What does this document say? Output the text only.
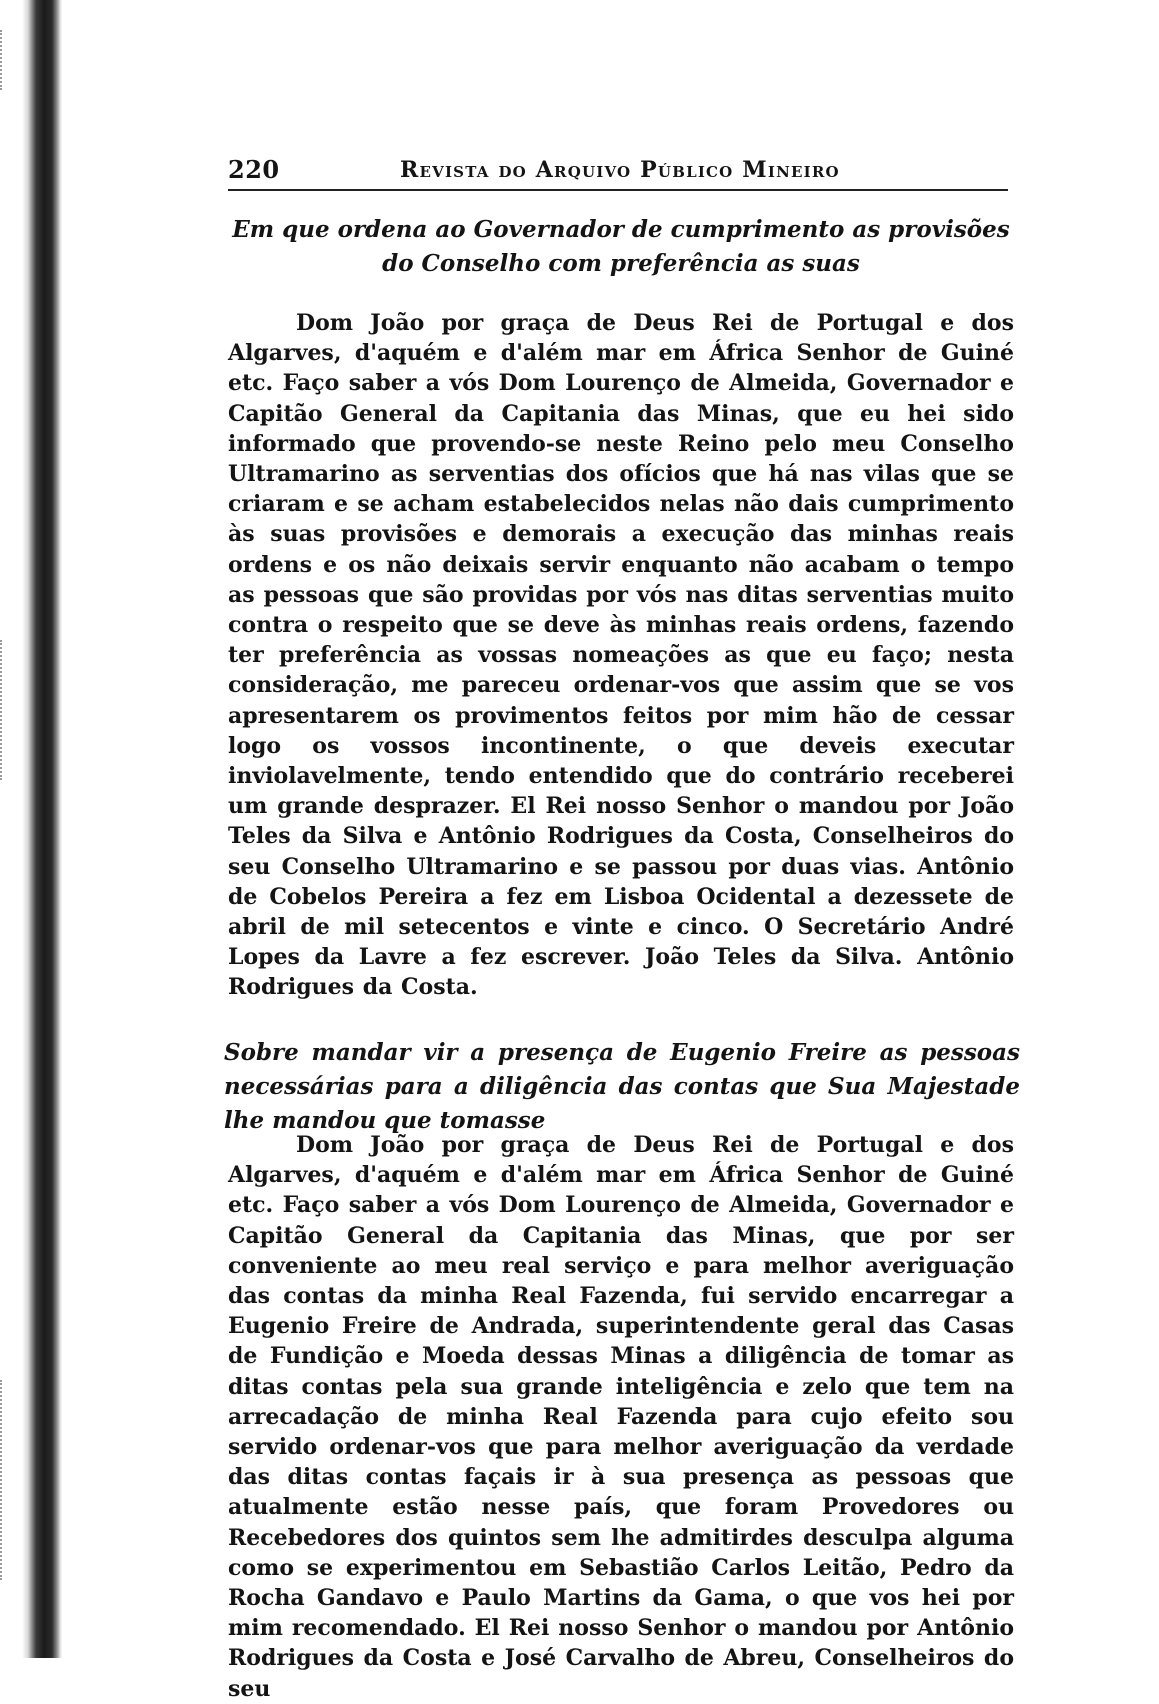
220	Revista do Arquivo Público Mineiro
Em que ordena ao Governador de cumprimento as provisões do Conselho com preferência as suas

Dom João por graça de Deus Rei de Portugal e dos Algarves, d'aquém e d'além mar em África Senhor de Guiné etc. Faço saber a vós Dom Lourenço de Almeida, Governador e Capitão General da Capitania das Minas, que eu hei sido informado que provendo-se neste Reino pelo meu Conselho Ultramarino as serventias dos ofícios que há nas vilas que se criaram e se acham estabelecidos nelas não dais cumprimento às suas provisões e demorais a execução das minhas reais ordens e os não deixais servir enquanto não acabam o tempo as pessoas que são providas por vós nas ditas serventias muito contra o respeito que se deve às minhas reais ordens, fazendo ter preferência as vossas nomeações as que eu faço; nesta consideração, me pareceu ordenar-vos que assim que se vos apresentarem os provimentos feitos por mim hão de cessar logo os vossos incontinente, o que deveis executar inviolavelmente, tendo entendido que do contrário receberei um grande desprazer. El Rei nosso Senhor o mandou por João Teles da Silva e Antônio Rodrigues da Costa, Conselheiros do seu Conselho Ultramarino e se passou por duas vias. Antônio de Cobelos Pereira a fez em Lisboa Ocidental a dezessete de abril de mil setecentos e vinte e cinco. O Secretário André Lopes da Lavre a fez escrever. João Teles da Silva. Antônio Rodrigues da Costa.

Sobre mandar vir a presença de Eugenio Freire as pessoas necessárias para a diligência das contas que Sua Majestade lhe mandou que tomasse

Dom João por graça de Deus Rei de Portugal e dos Algarves, d'aquém e d'além mar em África Senhor de Guiné etc. Faço saber a vós Dom Lourenço de Almeida, Governador e Capitão General da Capitania das Minas, que por ser conveniente ao meu real serviço e para melhor averiguação das contas da minha Real Fazenda, fui servido encarregar a Eugenio Freire de Andrada, superintendente geral das Casas de Fundição e Moeda dessas Minas a diligência de tomar as ditas contas pela sua grande inteligência e zelo que tem na arrecadação de minha Real Fazenda para cujo efeito sou servido ordenar-vos que para melhor averiguação da verdade das ditas contas façais ir à sua presença as pessoas que atualmente estão nesse país, que foram Provedores ou Recebedores dos quintos sem lhe admitirdes desculpa alguma como se experimentou em Sebastião Carlos Leitão, Pedro da Rocha Gandavo e Paulo Martins da Gama, o que vos hei por mim recomendado. El Rei nosso Senhor o mandou por Antônio Rodrigues da Costa e José Carvalho de Abreu, Conselheiros do seu
